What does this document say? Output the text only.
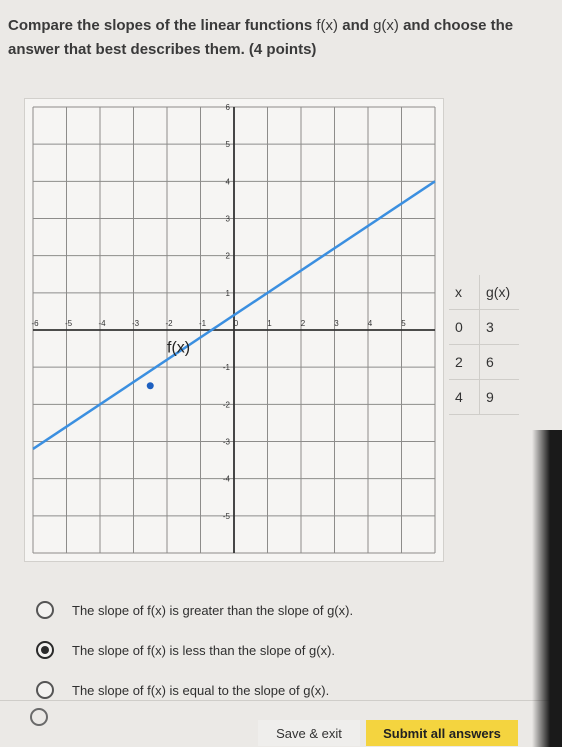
Compare the slopes of the linear functions f(x) and g(x) and choose the answer that best describes them. (4 points)
-6	-5	-4	-3	-2	-1	0	1	2	3	4	5
6
5
4
3
2
1
-1
-2
-3
-4
-5
f(x)
x	g(x)
0	3
2	6
4	9
The slope of f(x) is greater than the slope of g(x).
The slope of f(x) is less than the slope of g(x).
The slope of f(x) is equal to the slope of g(x).
Save & exit	Submit all answers
